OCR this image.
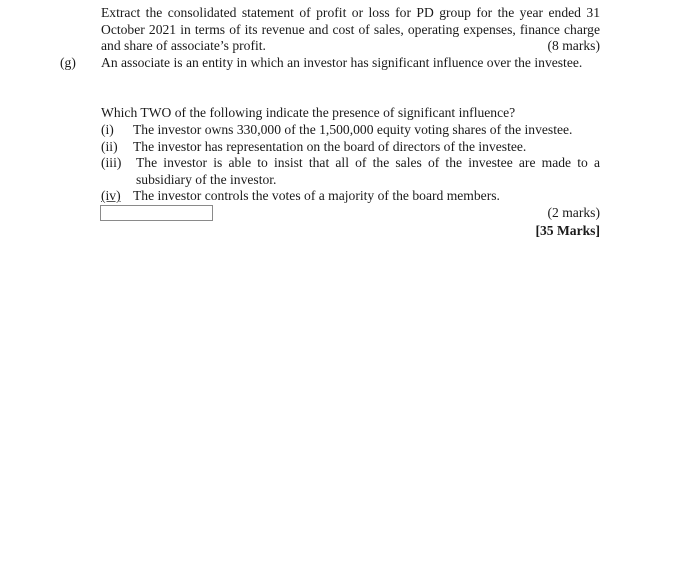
Extract the consolidated statement of profit or loss for PD group for the year ended 31 October 2021 in terms of its revenue and cost of sales, operating expenses, finance charge and share of associate’s profit.	(8 marks)
(g) An associate is an entity in which an investor has significant influence over the investee.
Which TWO of the following indicate the presence of significant influence?
(i) The investor owns 330,000 of the 1,500,000 equity voting shares of the investee.
(ii) The investor has representation on the board of directors of the investee.
(iii) The investor is able to insist that all of the sales of the investee are made to a subsidiary of the investor.
(iv) The investor controls the votes of a majority of the board members.
(2 marks)
[35 Marks]
